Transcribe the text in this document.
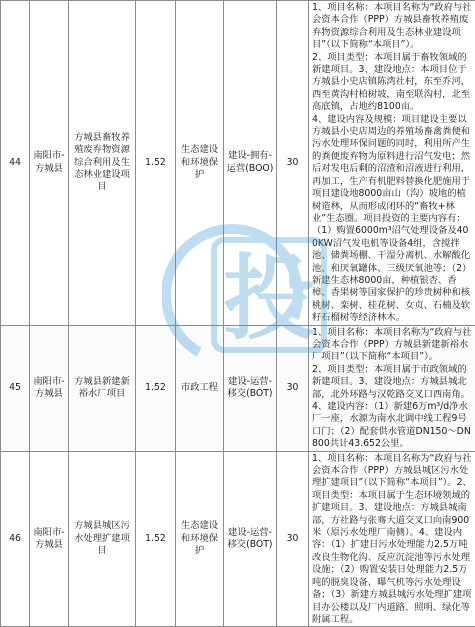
44	南阳市-方城县	方城县畜牧养殖废弃物资源综合利用及生态林业建设项目	1.52	生态建设和环境保护	建设-拥有-运营(BOO)	30	1、项目名称：本项目名称为“政府与社会资本合作（PPP）方城县畜牧养殖废弃物资源综合利用及生态林业建设项目”（以下简称“本项目”）。
2、项目类型：本项目属于畜牧领域的新建项目。3、建设地点：本项目位于方城县小史店镇陈湾社村，东至乔河，西至黄沟村柏树坡，南至联沟村，北至高底镇，占地约8100亩。
4、建设内容及规模：项目建设主要以方城县小史店周边的养殖场畜禽粪便和污水处理环保问题的同时，利用所产生的粪便废弃物为原料进行沼气发电；然后对发电后剩的沼渣和沼液进行利用，再加工，生产有机肥料替换化肥施用于项目建设地8000亩山（沟）坡地的植树造林，从而形成闭环的“畜牧+林业”生态圈。项目投资的主要内容有：（1）购置6000m³沼气处理设备及400KW沼气发电机等设备4组，含搅拌池、储粪场棚、干湿分离机、水解酸化池、和厌氧罐体、三级厌氧池等；（2）新建生态林8000亩，种植银杏、香樟、香果树等国家保护的珍贵树种和核桃树、栾树、桂花树、女贞、石楠及软籽石榴树等经济林木。

45	南阳市-方城县	方城县新建新裕水厂项目	1.52	市政工程	建设-运营-移交(BOT)	30	1、项目名称：本项目名称为“政府与社会资本合作（PPP）方城县新建新裕水厂项目”（以下简称“本项目”）。
2、项目类型：本项目属于市政领域的新建项目。3、建设地点：方城县城北部，北外环路与汉乾路交叉口西南角。4、建设内容：（1）新建6万m³/d净水厂一座，水源为南水北调中线工程9号口门；（2）配套供水管道DN150～DN800共计43.652公里。

46	南阳市-方城县	方城县城区污水处理扩建项目	1.52	生态建设和环境保护	建设-运营-移交(BOT)	30	1、项目名称：本项目名称为“政府与社会资本合作（PPP）方城县城区污水处理扩建项目”（以下简称“本项目”）。2、项目类型：本项目属于生态环境领域的扩建项目。3、建设地点：方城县城南部，方社路与张骞大道交叉口向南900米（原污水处理厂南侧）。4、建设内容：（1）扩建日污水处理能力2.5万吨改良生物化沟、反应沉淀池等污水处理设施；（2）购置安装日处理能力2.5万吨的脱臭设备、曝气机等污水处理设备；（3）新建方城县城污水处理扩建项目办公楼以及厂内道路、照明、绿化等附属工程。
投
